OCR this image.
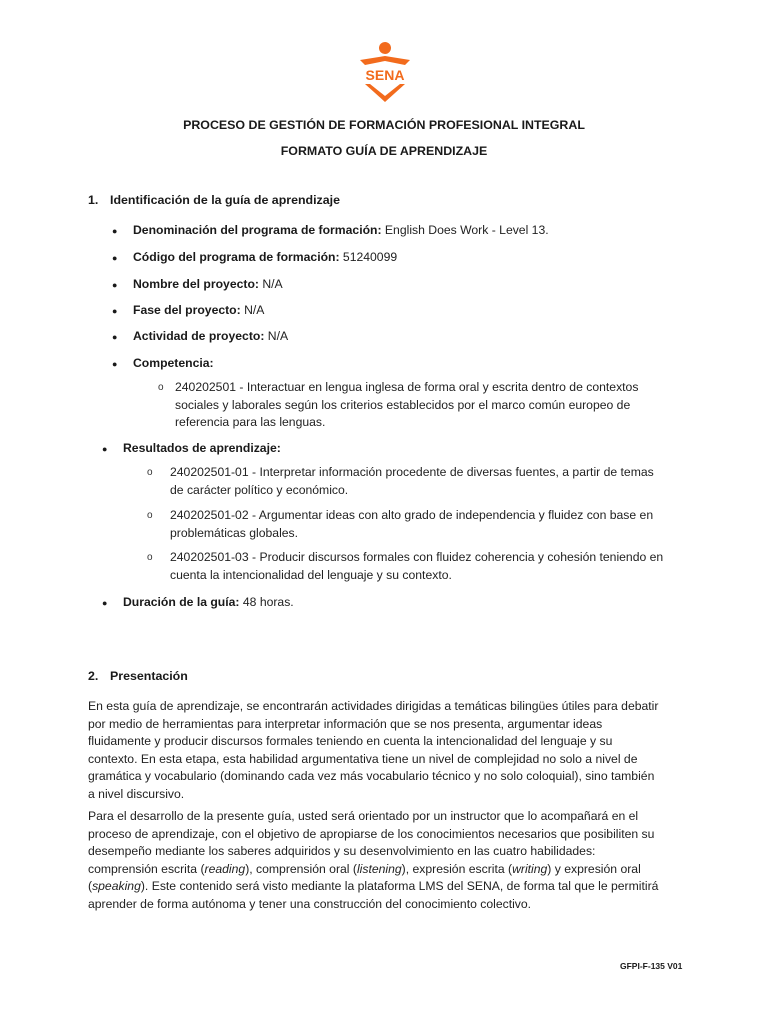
SENA
PROCESO DE GESTIÓN DE FORMACIÓN PROFESIONAL INTEGRAL
FORMATO GUÍA DE APRENDIZAJE
1. Identificación de la guía de aprendizaje
● Denominación del programa de formación: English Does Work - Level 13.
● Código del programa de formación: 51240099
● Nombre del proyecto: N/A
● Fase del proyecto: N/A
● Actividad de proyecto: N/A
● Competencia:
o 240202501 - Interactuar en lengua inglesa de forma oral y escrita dentro de contextos
sociales y laborales según los criterios establecidos por el marco común europeo de
referencia para las lenguas.
● Resultados de aprendizaje:
o 240202501-01 - Interpretar información procedente de diversas fuentes, a partir de temas
de carácter político y económico.
o 240202501-02 - Argumentar ideas con alto grado de independencia y fluidez con base en
problemáticas globales.
o 240202501-03 - Producir discursos formales con fluidez coherencia y cohesión teniendo en
cuenta la intencionalidad del lenguaje y su contexto.
● Duración de la guía: 48 horas.
2. Presentación
En esta guía de aprendizaje, se encontrarán actividades dirigidas a temáticas bilingües útiles para debatir
por medio de herramientas para interpretar información que se nos presenta, argumentar ideas
fluidamente y producir discursos formales teniendo en cuenta la intencionalidad del lenguaje y su
contexto. En esta etapa, esta habilidad argumentativa tiene un nivel de complejidad no solo a nivel de
gramática y vocabulario (dominando cada vez más vocabulario técnico y no solo coloquial), sino también
a nivel discursivo.
Para el desarrollo de la presente guía, usted será orientado por un instructor que lo acompañará en el
proceso de aprendizaje, con el objetivo de apropiarse de los conocimientos necesarios que posibiliten su
desempeño mediante los saberes adquiridos y su desenvolvimiento en las cuatro habilidades:
comprensión escrita (reading), comprensión oral (listening), expresión escrita (writing) y expresión oral
(speaking). Este contenido será visto mediante la plataforma LMS del SENA, de forma tal que le permitirá
aprender de forma autónoma y tener una construcción del conocimiento colectivo.
GFPI-F-135 V01
